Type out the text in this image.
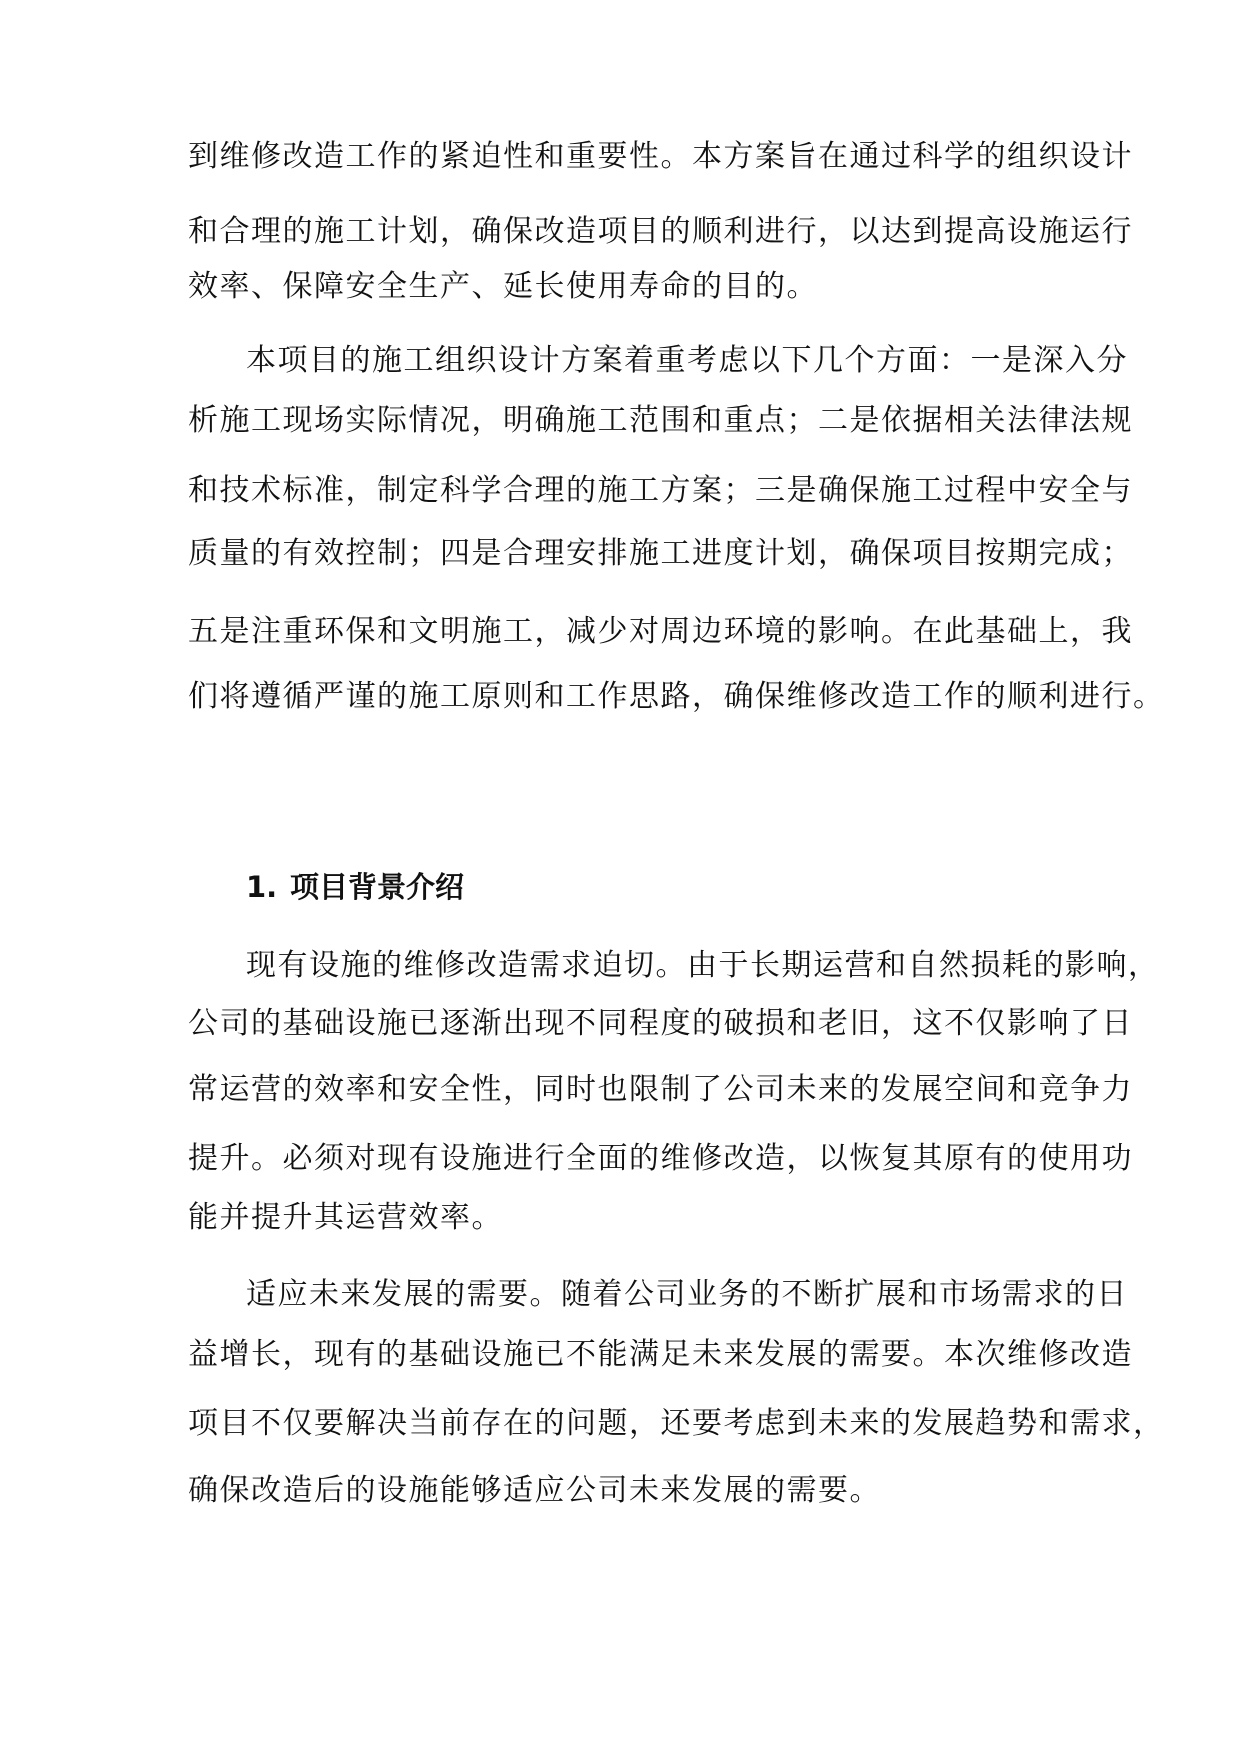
到维修改造工作的紧迫性和重要性。本方案旨在通过科学的组织设计

和合理的施工计划，确保改造项目的顺利进行，以达到提高设施运行

效率、保障安全生产、延长使用寿命的目的。

本项目的施工组织设计方案着重考虑以下几个方面：一是深入分

析施工现场实际情况，明确施工范围和重点；二是依据相关法律法规

和技术标准，制定科学合理的施工方案；三是确保施工过程中安全与

质量的有效控制；四是合理安排施工进度计划，确保项目按期完成；

五是注重环保和文明施工，减少对周边环境的影响。在此基础上，我

们将遵循严谨的施工原则和工作思路，确保维修改造工作的顺利进行。

1. 项目背景介绍

现有设施的维修改造需求迫切。由于长期运营和自然损耗的影响，

公司的基础设施已逐渐出现不同程度的破损和老旧，这不仅影响了日

常运营的效率和安全性，同时也限制了公司未来的发展空间和竞争力

提升。必须对现有设施进行全面的维修改造，以恢复其原有的使用功

能并提升其运营效率。

适应未来发展的需要。随着公司业务的不断扩展和市场需求的日

益增长，现有的基础设施已不能满足未来发展的需要。本次维修改造

项目不仅要解决当前存在的问题，还要考虑到未来的发展趋势和需求，

确保改造后的设施能够适应公司未来发展的需要。
